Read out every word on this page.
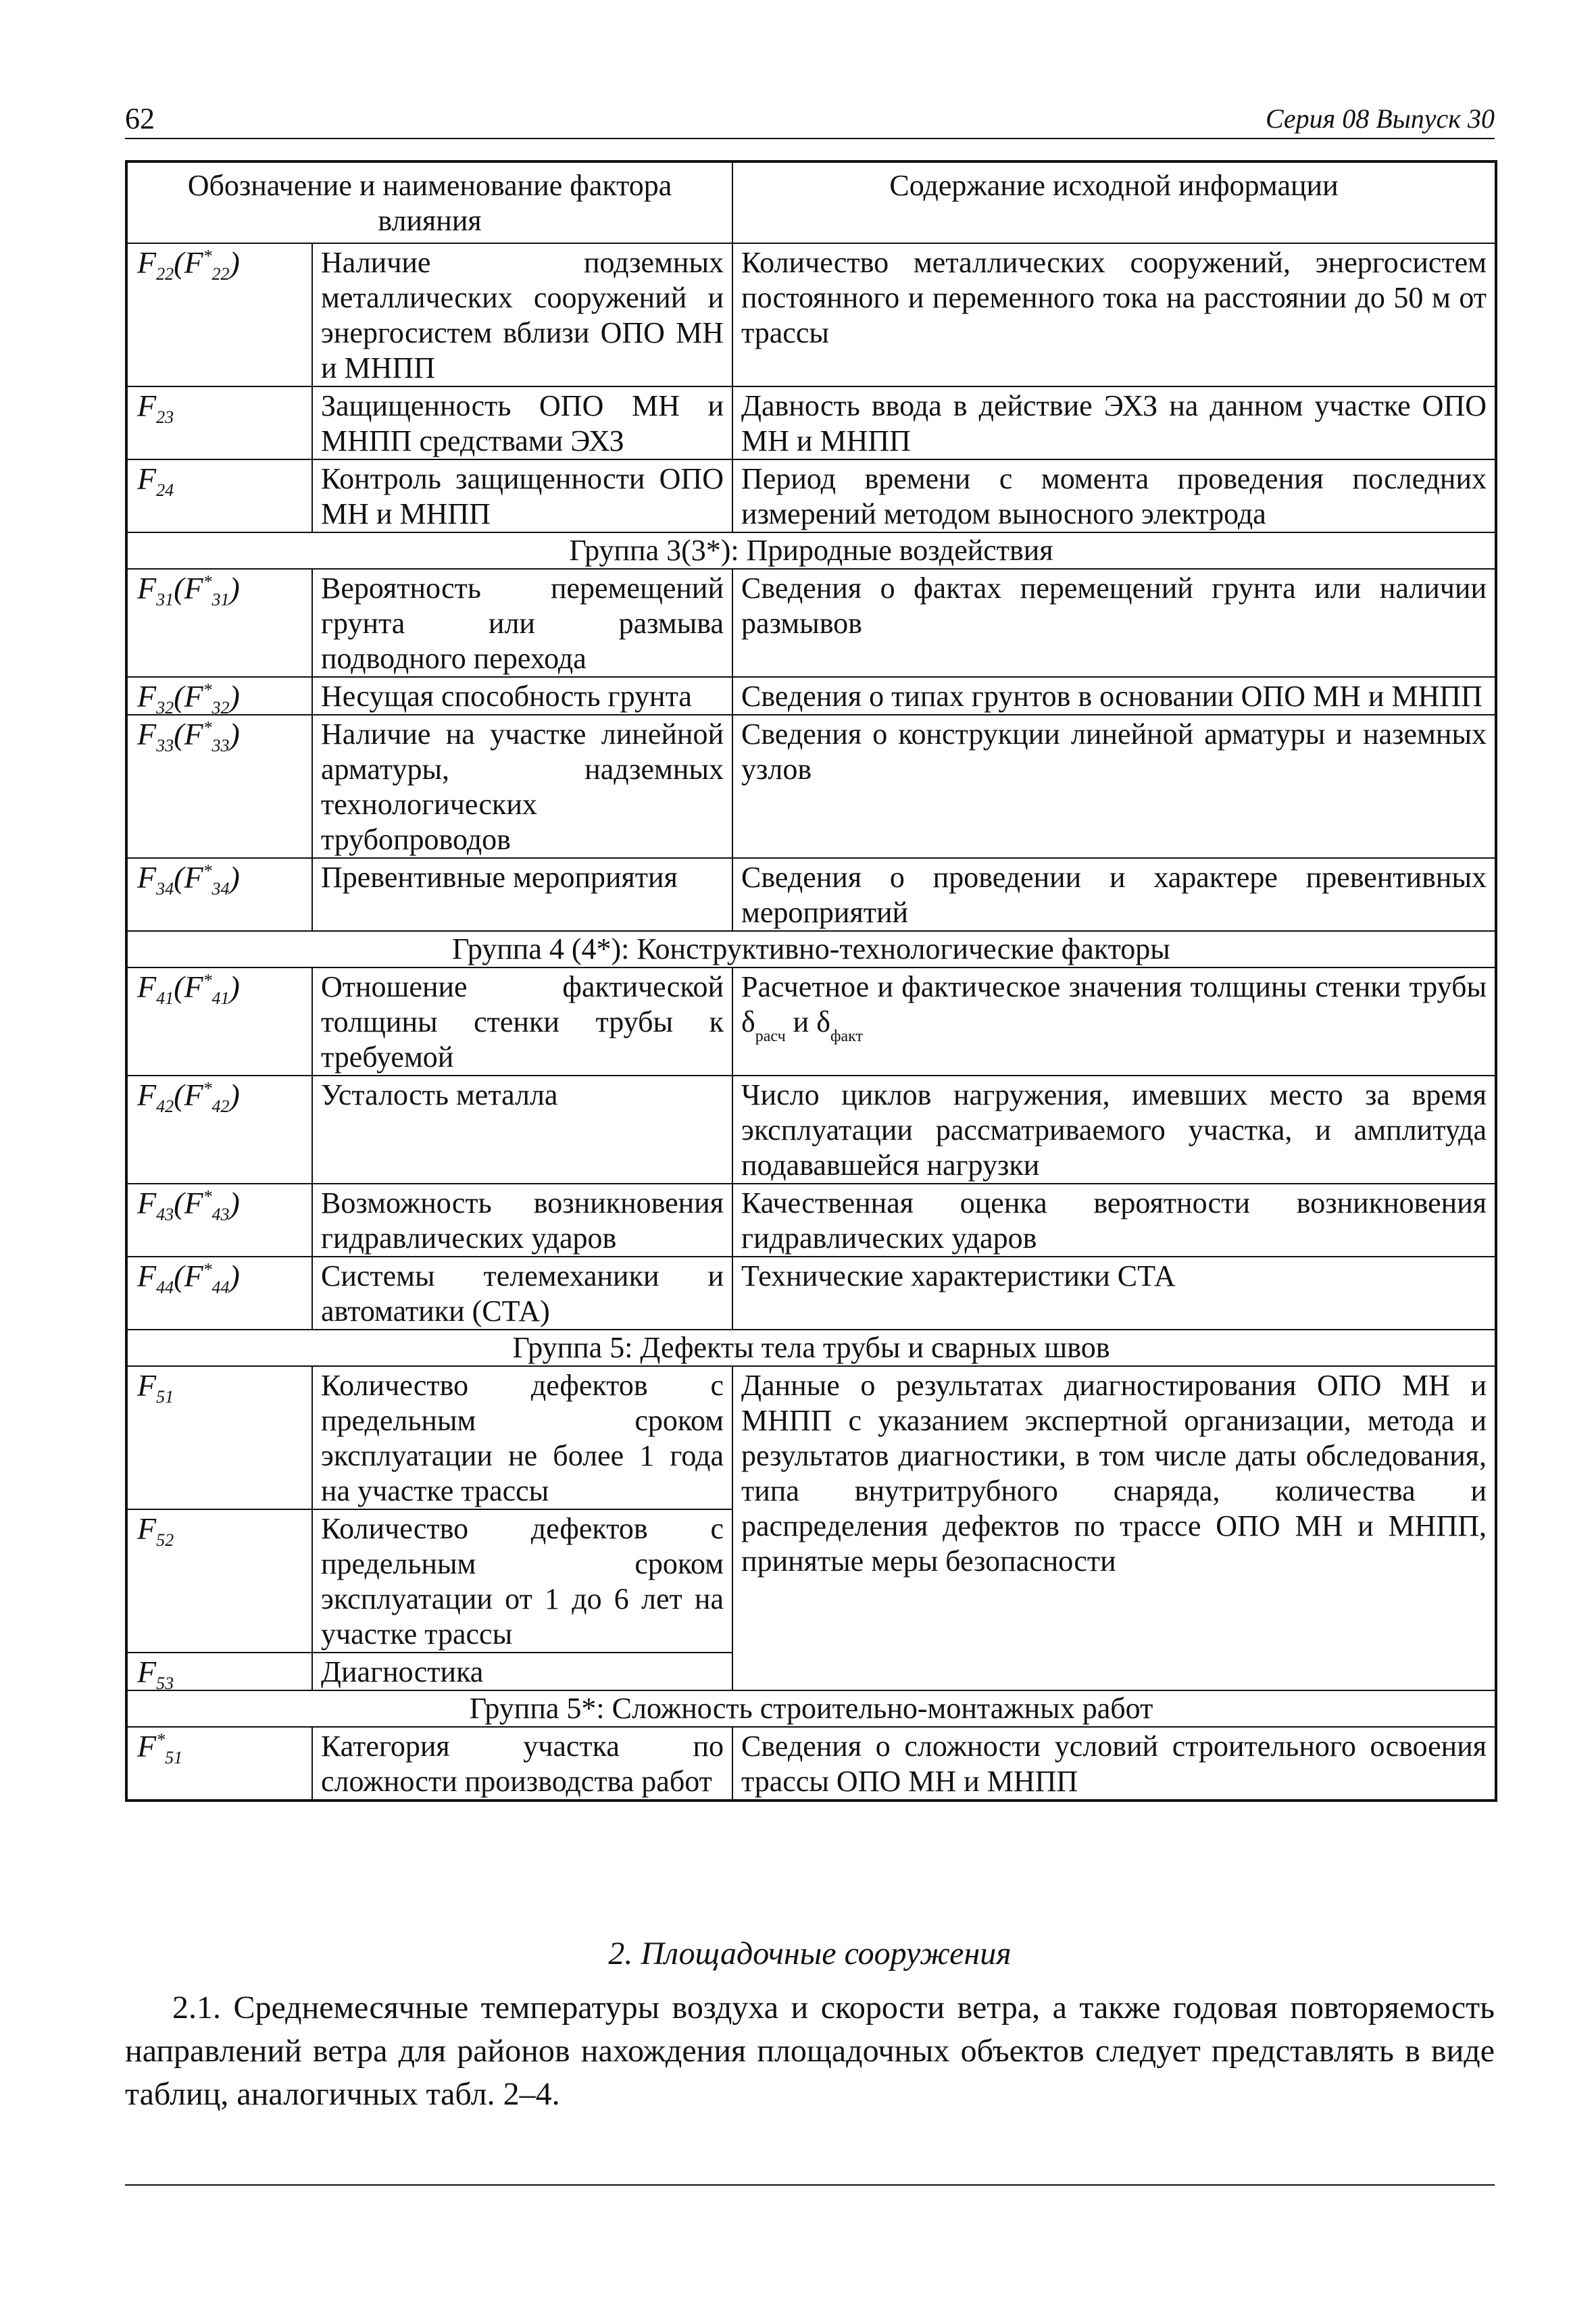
62	Серия 08 Выпуск 30
Обозначение и наименование фактора влияния		Содержание исходной информации
$F_{22}(F^*_{22})$	Наличие подземных металлических сооружений и энергосистем вблизи ОПО МН и МНПП	Количество металлических сооружений, энергосистем постоянного и переменного тока на расстоянии до 50 м от трассы
$F_{23}$	Защищенность ОПО МН и МНПП средствами ЭХЗ	Давность ввода в действие ЭХЗ на данном участке ОПО МН и МНПП
$F_{24}$	Контроль защищенности ОПО МН и МНПП	Период времени с момента проведения последних измерений методом выносного электрода
Группа 3(3*): Природные воздействия		
$F_{31}(F^*_{31})$	Вероятность перемещений грунта или размыва подводного перехода	Сведения о фактах перемещений грунта или наличии размывов
$F_{32}(F^*_{32})$	Несущая способность грунта	Сведения о типах грунтов в основании ОПО МН и МНПП
$F_{33}(F^*_{33})$	Наличие на участке линейной арматуры, надземных технологических трубопроводов	Сведения о конструкции линейной арматуры и наземных узлов
$F_{34}(F^*_{34})$	Превентивные мероприятия	Сведения о проведении и характере превентивных мероприятий
Группа 4 (4*): Конструктивно-технологические факторы		
$F_{41}(F^*_{41})$	Отношение фактической толщины стенки трубы к требуемой	Расчетное и фактическое значения толщины стенки трубы $\delta_{расч}$ и $\delta_{факт}$
$F_{42}(F^*_{42})$	Усталость металла	Число циклов нагружения, имевших место за время эксплуатации рассматриваемого участка, и амплитуда подававшейся нагрузки
$F_{43}(F^*_{43})$	Возможность возникновения гидравлических ударов	Качественная оценка вероятности возникновения гидравлических ударов
$F_{44}(F^*_{44})$	Системы телемеханики и автоматики (СТА)	Технические характеристики СТА
Группа 5: Дефекты тела трубы и сварных швов		
$F_{51}$	Количество дефектов с предельным сроком эксплуатации не более 1 года на участке трассы	Данные о результатах диагностирования ОПО МН и МНПП с указанием экспертной организации, метода и результатов диагностики, в том числе даты обследования, типа внутритрубного снаряда, количества и распределения дефектов по трассе ОПО МН и МНПП, принятые меры безопасности
$F_{52}$	Количество дефектов с предельным сроком эксплуатации от 1 до 6 лет на участке трассы	
$F_{53}$	Диагностика	
Группа 5*: Сложность строительно-монтажных работ		
$F^*_{51}$	Категория участка по сложности производства работ	Сведения о сложности условий строительного освоения трассы ОПО МН и МНПП
2. Площадочные сооружения
2.1. Среднемесячные температуры воздуха и скорости ветра, а также годовая повторяемость направлений ветра для районов нахождения площадочных объектов следует представлять в виде таблиц, аналогичных табл. 2–4.
